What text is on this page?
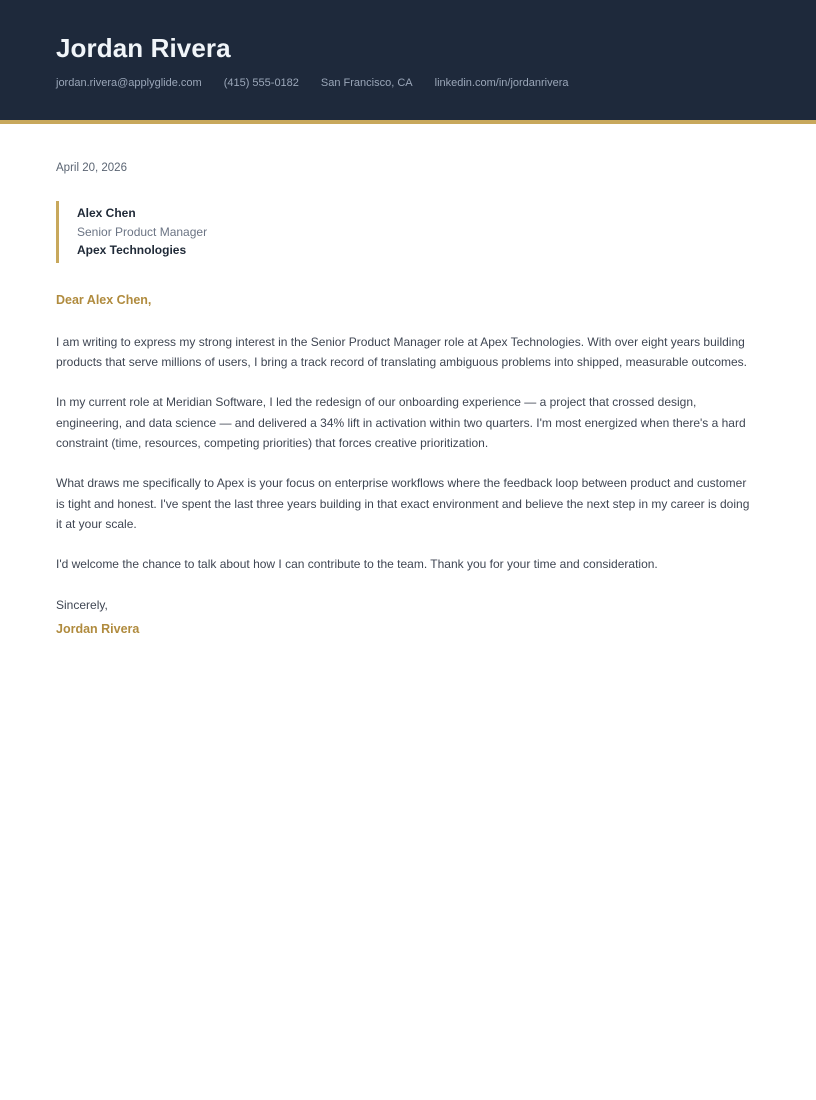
Jordan Rivera
jordan.rivera@applyglide.com (415) 555-0182 San Francisco, CA linkedin.com/in/jordanrivera

April 20, 2026

Alex Chen

Senior Product Manager

Apex Technologies

Dear Alex Chen,

I am writing to express my strong interest in the Senior Product Manager role at Apex Technologies. With over eight years building products that serve millions of users, I bring a track record of translating ambiguous problems into shipped, measurable outcomes.

In my current role at Meridian Software, I led the redesign of our onboarding experience — a project that crossed design, engineering, and data science — and delivered a 34% lift in activation within two quarters. I'm most energized when there's a hard constraint (time, resources, competing priorities) that forces creative prioritization.

What draws me specifically to Apex is your focus on enterprise workflows where the feedback loop between product and customer is tight and honest. I've spent the last three years building in that exact environment and believe the next step in my career is doing it at your scale.

I'd welcome the chance to talk about how I can contribute to the team. Thank you for your time and consideration.

Sincerely,

Jordan Rivera
